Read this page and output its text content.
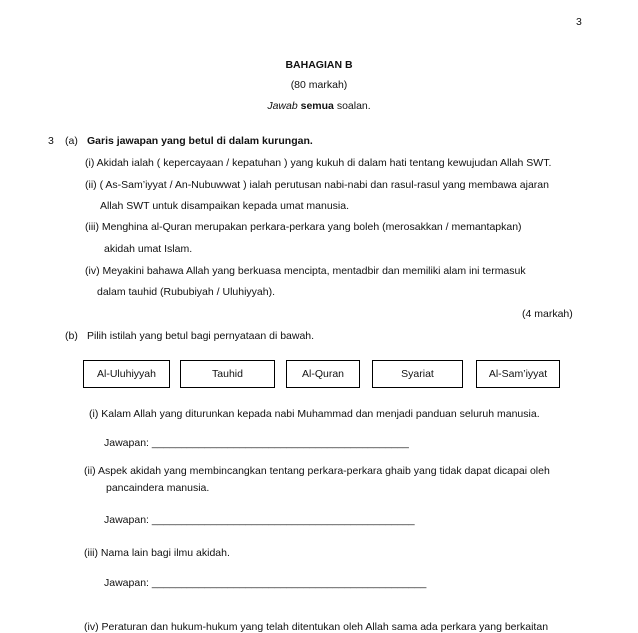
3
BAHAGIAN B
(80 markah)
Jawab semua soalan.
3 (a) Garis jawapan yang betul di dalam kurungan.
(i) Akidah ialah ( kepercayaan / kepatuhan ) yang kukuh di dalam hati tentang kewujudan Allah SWT.
(ii) ( As-Sam’iyyat / An-Nubuwwat ) ialah perutusan nabi-nabi dan rasul-rasul yang membawa ajaran
Allah SWT untuk disampaikan kepada umat manusia.
(iii) Menghina al-Quran merupakan perkara-perkara yang boleh (merosakkan / memantapkan)
akidah umat Islam.
(iv) Meyakini bahawa Allah yang berkuasa mencipta, mentadbir dan memiliki alam ini termasuk
dalam tauhid (Rububiyah / Uluhiyyah).
(4 markah)
(b) Pilih istilah yang betul bagi pernyataan di bawah.
Al-Uluhiyyah	Tauhid	Al-Quran	Syariat	Al-Sam’iyyat
(i) Kalam Allah yang diturunkan kepada nabi Muhammad dan menjadi panduan seluruh manusia.
Jawapan: ____________________________________________
(ii) Aspek akidah yang membincangkan tentang perkara-perkara ghaib yang tidak dapat dicapai oleh
pancaindera manusia.
Jawapan: _____________________________________________
(iii) Nama lain bagi ilmu akidah.
Jawapan: _______________________________________________
(iv) Peraturan dan hukum-hukum yang telah ditentukan oleh Allah sama ada perkara yang berkaitan
